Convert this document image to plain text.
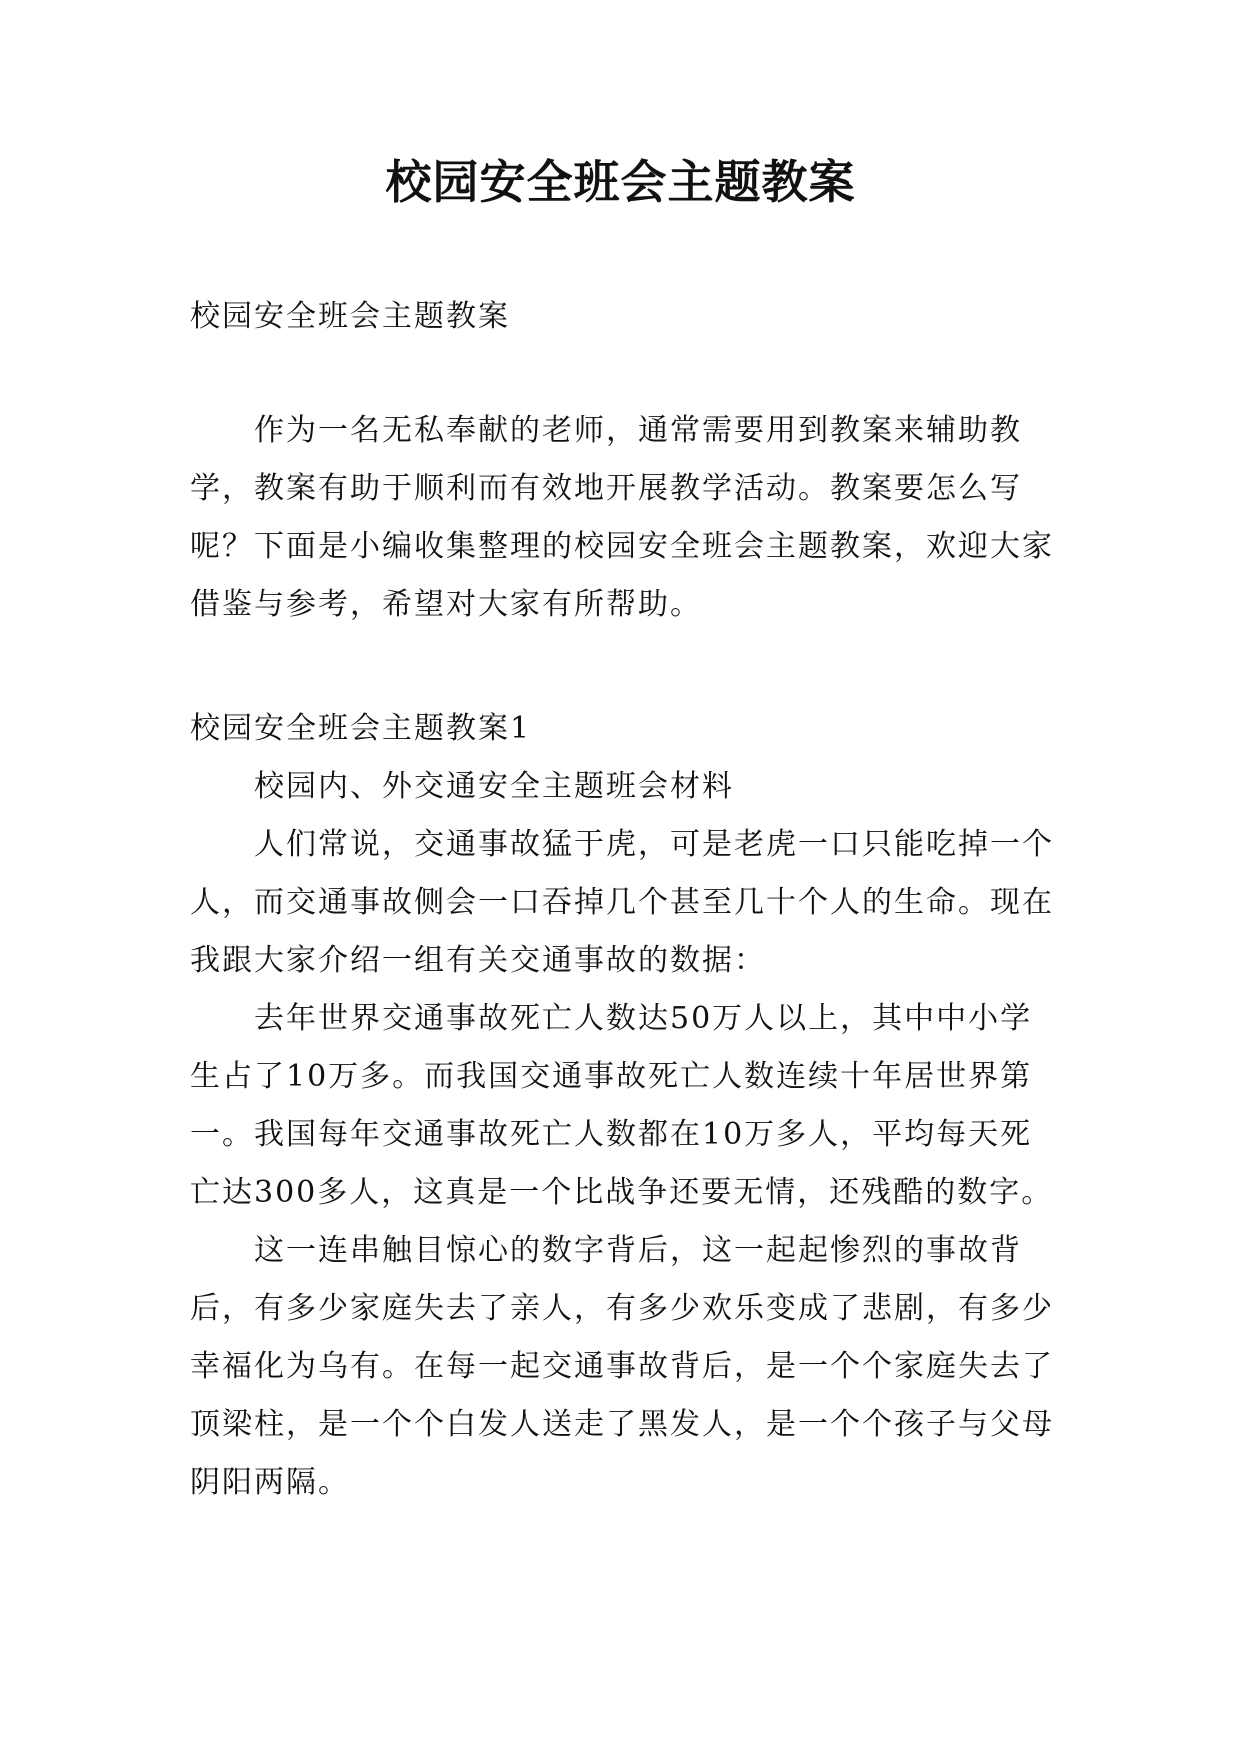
校园安全班会主题教案

校园安全班会主题教案

作为一名无私奉献的老师，通常需要用到教案来辅助教学，教案有助于顺利而有效地开展教学活动。教案要怎么写呢？下面是小编收集整理的校园安全班会主题教案，欢迎大家借鉴与参考，希望对大家有所帮助。

校园安全班会主题教案1

校园内、外交通安全主题班会材料

人们常说，交通事故猛于虎，可是老虎一口只能吃掉一个人，而交通事故侧会一口吞掉几个甚至几十个人的生命。现在我跟大家介绍一组有关交通事故的数据：

去年世界交通事故死亡人数达50万人以上，其中中小学生占了10万多。而我国交通事故死亡人数连续十年居世界第一。我国每年交通事故死亡人数都在10万多人，平均每天死亡达300多人，这真是一个比战争还要无情，还残酷的数字。

这一连串触目惊心的数字背后，这一起起惨烈的事故背后，有多少家庭失去了亲人，有多少欢乐变成了悲剧，有多少幸福化为乌有。在每一起交通事故背后，是一个个家庭失去了顶梁柱，是一个个白发人送走了黑发人，是一个个孩子与父母阴阳两隔。
